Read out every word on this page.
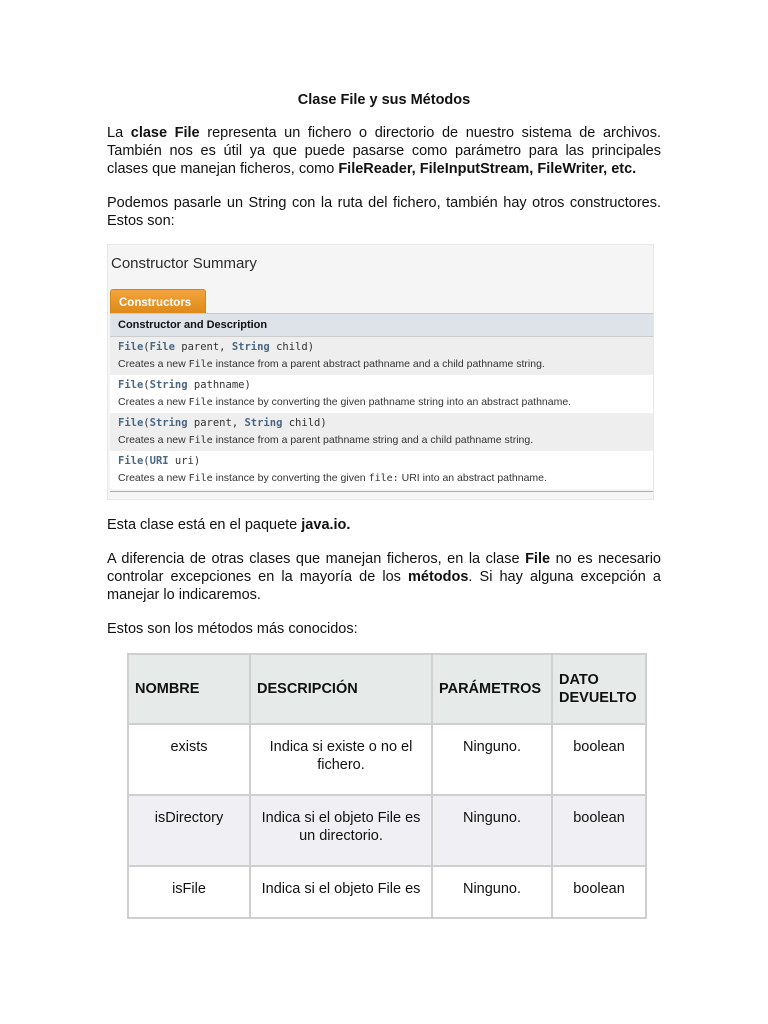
Clase File y sus Métodos
La clase File representa un fichero o directorio de nuestro sistema de archivos. También nos es útil ya que puede pasarse como parámetro para las principales clases que manejan ficheros, como FileReader, FileInputStream, FileWriter, etc.
Podemos pasarle un String con la ruta del fichero, también hay otros constructores. Estos son:
Constructor Summary
Constructors
Constructor and Description
File(File parent, String child)
Creates a new File instance from a parent abstract pathname and a child pathname string.
File(String pathname)
Creates a new File instance by converting the given pathname string into an abstract pathname.
File(String parent, String child)
Creates a new File instance from a parent pathname string and a child pathname string.
File(URI uri)
Creates a new File instance by converting the given file: URI into an abstract pathname.
Esta clase está en el paquete java.io.
A diferencia de otras clases que manejan ficheros, en la clase File no es necesario controlar excepciones en la mayoría de los métodos. Si hay alguna excepción a manejar lo indicaremos.
Estos son los métodos más conocidos:
NOMBRE	DESCRIPCIÓN	PARÁMETROS	DATO DEVUELTO
exists	Indica si existe o no el fichero.	Ninguno.	boolean
isDirectory	Indica si el objeto File es un directorio.	Ninguno.	boolean
isFile	Indica si el objeto File es	Ninguno.	boolean
